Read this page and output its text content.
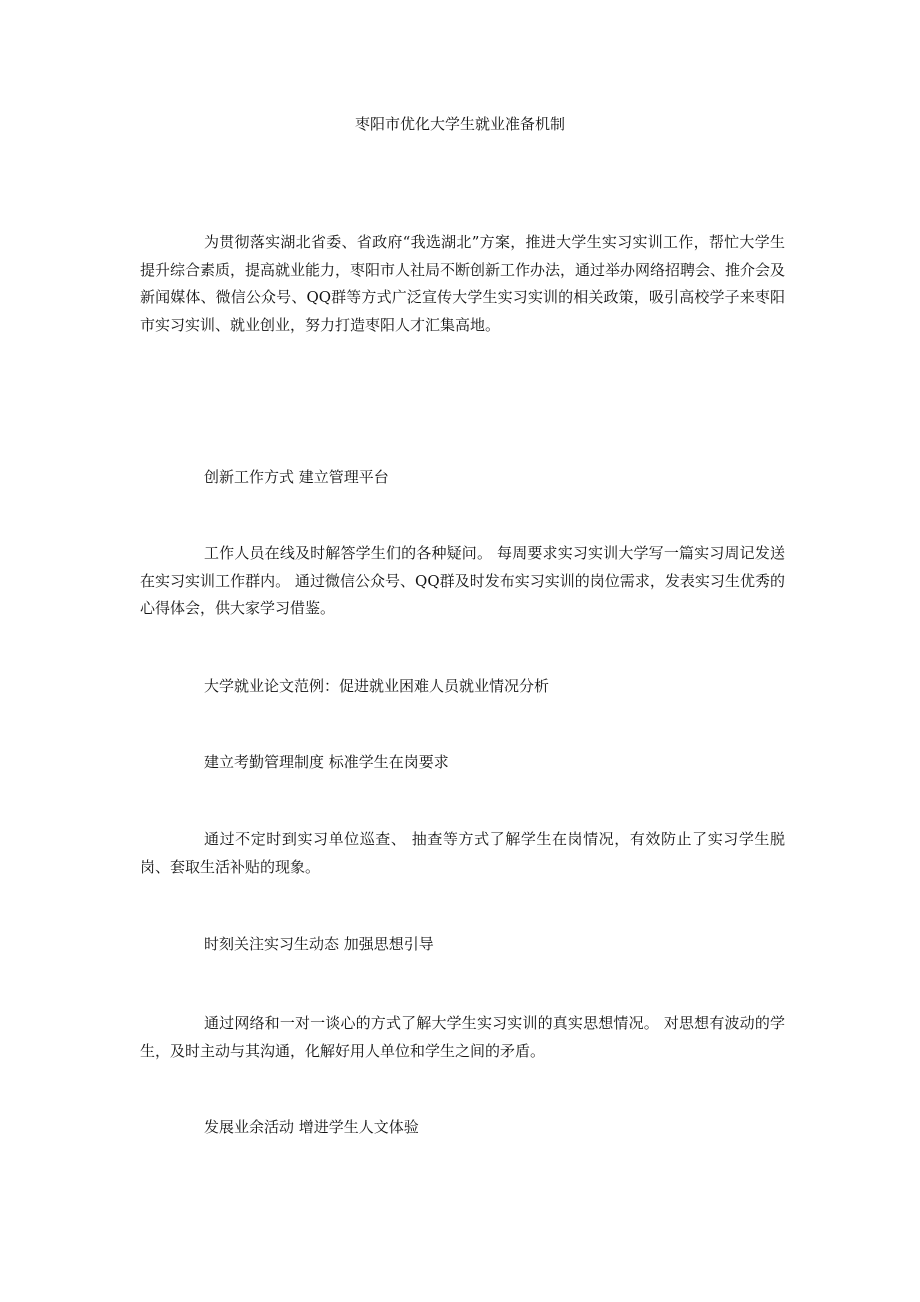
枣阳市优化大学生就业准备机制

为贯彻落实湖北省委、省政府“我选湖北”方案，推进大学生实习实训工作，帮忙大学生提升综合素质，提高就业能力，枣阳市人社局不断创新工作办法，通过举办网络招聘会、推介会及新闻媒体、微信公众号、QQ群等方式广泛宣传大学生实习实训的相关政策，吸引高校学子来枣阳市实习实训、就业创业，努力打造枣阳人才汇集高地。

创新工作方式 建立管理平台

工作人员在线及时解答学生们的各种疑问。 每周要求实习实训大学写一篇实习周记发送在实习实训工作群内。 通过微信公众号、QQ群及时发布实习实训的岗位需求，发表实习生优秀的心得体会，供大家学习借鉴。

大学就业论文范例：促进就业困难人员就业情况分析

建立考勤管理制度 标准学生在岗要求

通过不定时到实习单位巡查、 抽查等方式了解学生在岗情况，有效防止了实习学生脱岗、套取生活补贴的现象。

时刻关注实习生动态 加强思想引导

通过网络和一对一谈心的方式了解大学生实习实训的真实思想情况。 对思想有波动的学生，及时主动与其沟通，化解好用人单位和学生之间的矛盾。

发展业余活动 增进学生人文体验
